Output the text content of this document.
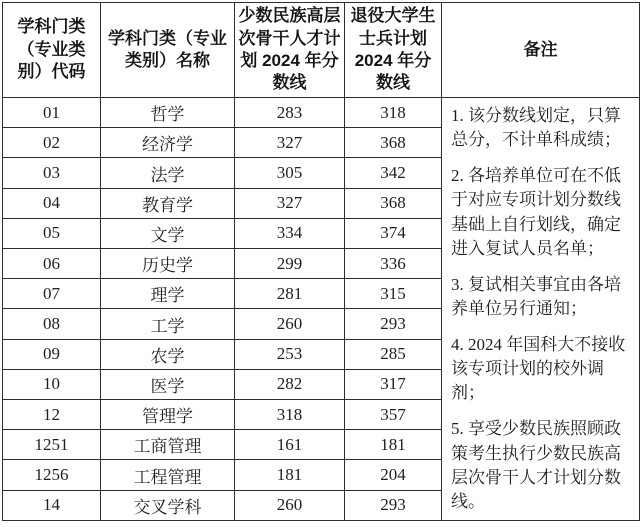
学科门类（专业类别）代码	学科门类（专业类别）名称	少数民族高层次骨干人才计划 2024 年分数线	退役大学生士兵计划 2024 年分数线	备注
01	哲学	283	318	1. 该分数线划定，只算总分，不计单科成绩；

2. 各培养单位可在不低于对应专项计划分数线基础上自行划线，确定进入复试人员名单；

3. 复试相关事宜由各培养单位另行通知；

4. 2024 年国科大不接收该专项计划的校外调剂；

5. 享受少数民族照顾政策考生执行少数民族高层次骨干人才计划分数线。

02	经济学	327	368	
03	法学	305	342	
04	教育学	327	368	
05	文学	334	374	
06	历史学	299	336	
07	理学	281	315	
08	工学	260	293	
09	农学	253	285	
10	医学	282	317	
12	管理学	318	357	
1251	工商管理	161	181	
1256	工程管理	181	204	
14	交叉学科	260	293	
